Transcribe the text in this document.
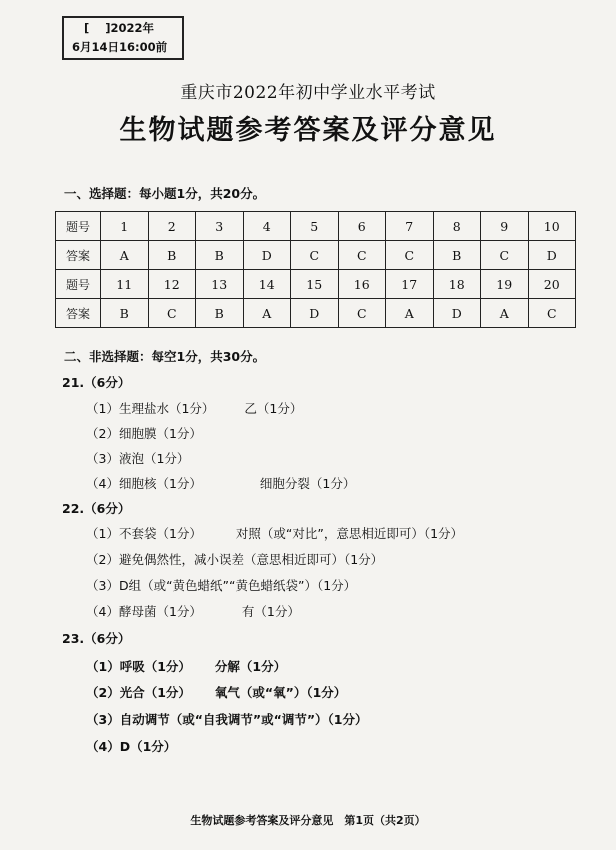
[    ]2022年
6月14日16:00前
重庆市2022年初中学业水平考试
生物试题参考答案及评分意见
一、选择题：每小题1分，共20分。
题号	1	2	3	4	5	6	7	8	9	10
答案	A	B	B	D	C	C	C	B	C	D
题号	11	12	13	14	15	16	17	18	19	20
答案	B	C	B	A	D	C	A	D	A	C
二、非选择题：每空1分，共30分。
21.（6分）
（1）生理盐水（1分） 乙（1分）
（2）细胞膜（1分）
（3）液泡（1分）
（4）细胞核（1分）	细胞分裂（1分）
22.（6分）
（1）不套袋（1分）	对照（或“对比”，意思相近即可）（1分）
（2）避免偶然性，减小误差（意思相近即可）（1分）
（3）D组（或“黄色蜡纸”“黄色蜡纸袋”）（1分）
（4）酵母菌（1分）	有（1分）
23.（6分）
（1）呼吸（1分） 分解（1分）
（2）光合（1分） 氧气（或“氧”）（1分）
（3）自动调节（或“自我调节”或“调节”）（1分）
（4）D（1分）
生物试题参考答案及评分意见　第1页（共2页）
